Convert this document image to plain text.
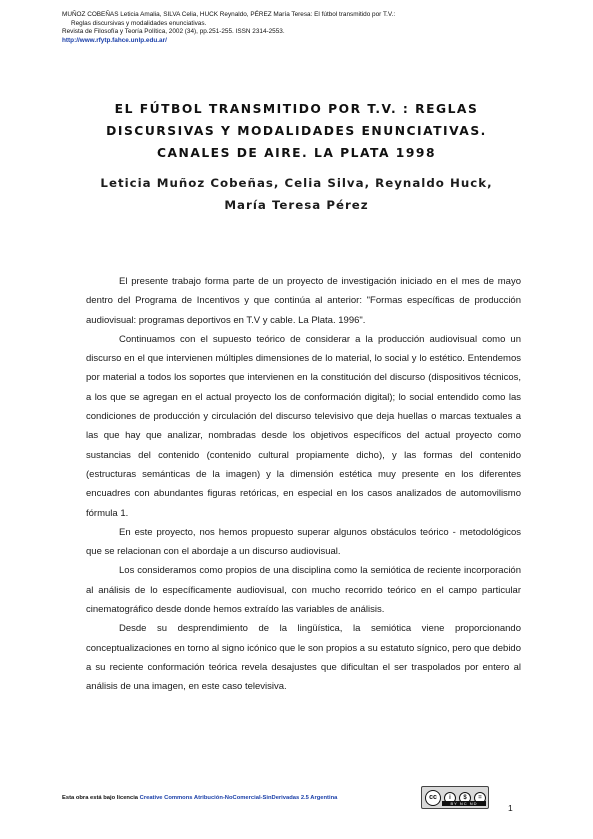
MUÑOZ COBEÑAS Leticia Amalia, SILVA Celia, HUCK Reynaldo, PÉREZ María Teresa: El fútbol transmitido por T.V.:
Reglas discursivas y modalidades enunciativas.
Revista de Filosofía y Teoría Política, 2002 (34), pp.251-255. ISSN 2314-2553.
http://www.rfytp.fahce.unlp.edu.ar/
EL FÚTBOL TRANSMITIDO POR T.V. : REGLAS
DISCURSIVAS Y MODALIDADES ENUNCIATIVAS.
CANALES DE AIRE. LA PLATA 1998
Leticia Muñoz Cobeñas, Celia Silva, Reynaldo Huck,
María Teresa Pérez

El presente trabajo forma parte de un proyecto de investigación iniciado en el mes de mayo dentro del Programa de Incentivos y que continúa al anterior: "Formas específicas de producción audiovisual: programas deportivos en T.V y cable. La Plata. 1996".

Continuamos con el supuesto teórico de considerar a la producción audiovisual como un discurso en el que intervienen múltiples dimensiones de lo material, lo social y lo estético. Entendemos por material a todos los soportes que intervienen en la constitución del discurso (dispositivos técnicos, a los que se agregan en el actual proyecto los de conformación digital); lo social entendido como las condiciones de producción y circulación del discurso televisivo que deja huellas o marcas textuales a las que hay que analizar, nombradas desde los objetivos específicos del actual proyecto como sustancias del contenido (contenido cultural propiamente dicho), y las formas del contenido (estructuras semánticas de la imagen) y la dimensión estética muy presente en los diferentes encuadres con abundantes figuras retóricas, en especial en los casos analizados de automovilismo fórmula 1.

En este proyecto, nos hemos propuesto superar algunos obstáculos teórico - metodológicos que se relacionan con el abordaje a un discurso audiovisual.

Los consideramos como propios de una disciplina como la semiótica de reciente incorporación al análisis de lo específicamente audiovisual, con mucho recorrido teórico en el campo particular cinematográfico desde donde hemos extraído las variables de análisis.

Desde su desprendimiento de la lingüística, la semiótica viene proporcionando conceptualizaciones en torno al signo icónico que le son propios a su estatuto sígnico, pero que debido a su reciente conformación teórica revela desajustes que dificultan el ser traspolados por entero al análisis de una imagen, en este caso televisiva.

Esta obra está bajo licencia Creative Commons Atribución-NoComercial-SinDerivadas 2.5 Argentina	cc	i	$	=
BY NC ND	1
